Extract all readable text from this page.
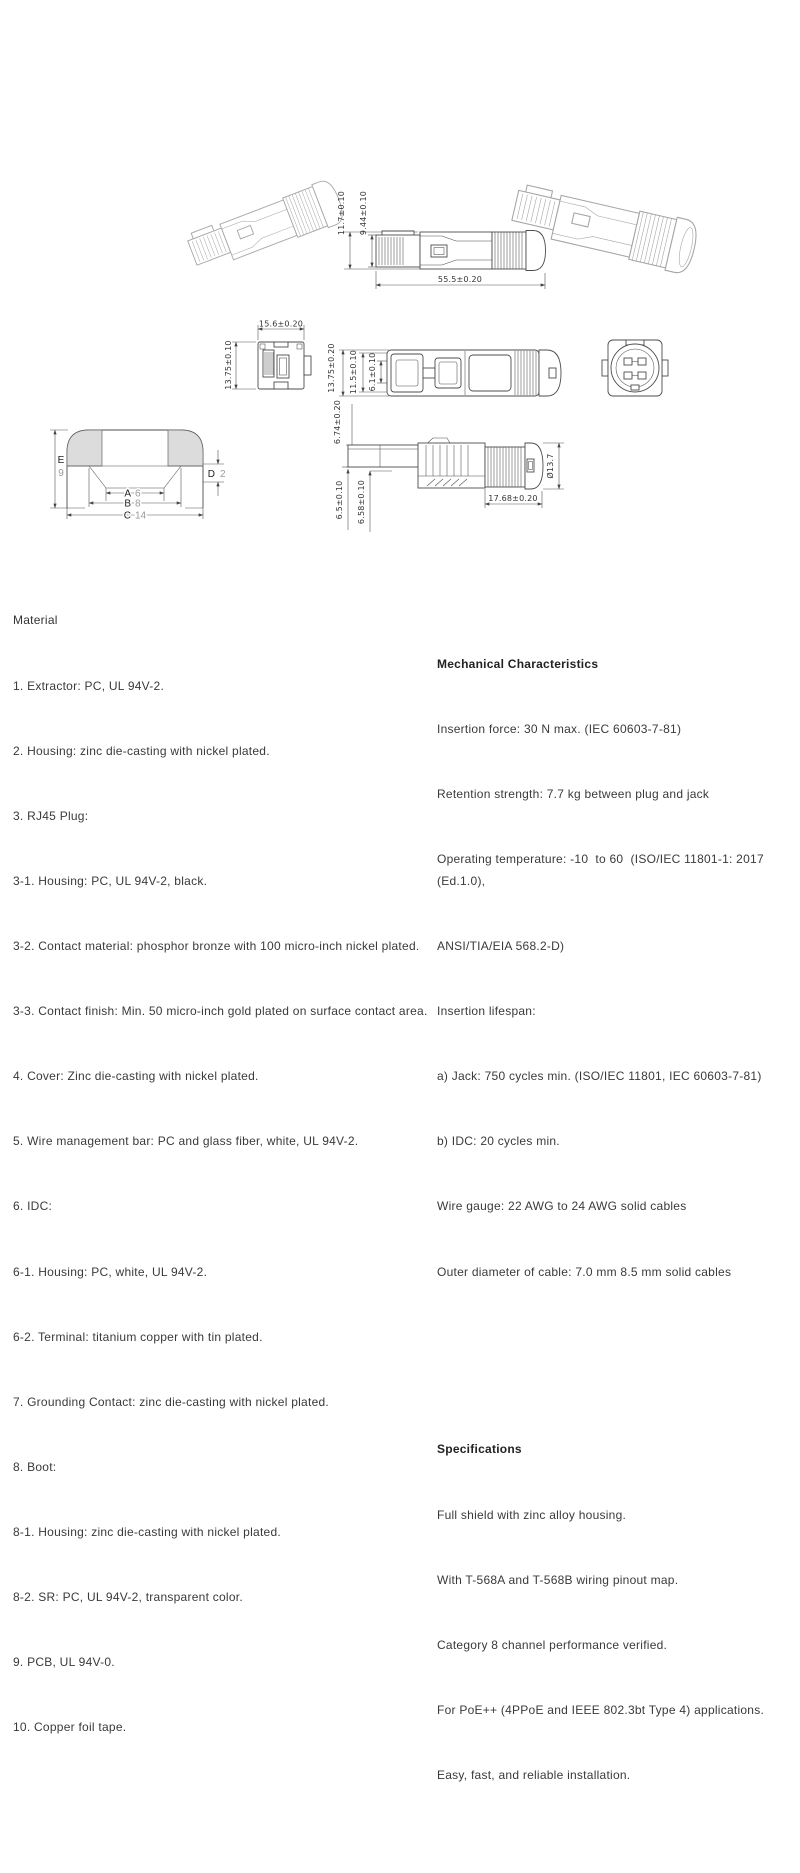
11.7±0.10 9.44±0.10
55.5±0.20
15.6±0.20
13.75±0.10	13.75±0.20 11.5±0.10 6.1±0.10
E
9	D 2
A 6
B 8
C 14
6.74±0.20
Ø13.7
17.68±0.20
6.5±0.10 6.58±0.10

Material

1. Extractor: PC, UL 94V-2.

2. Housing: zinc die-casting with nickel plated.

3. RJ45 Plug:

3-1. Housing: PC, UL 94V-2, black.

3-2. Contact material: phosphor bronze with 100 micro-inch nickel plated.

3-3. Contact finish: Min. 50 micro-inch gold plated on surface contact area.

4. Cover: Zinc die-casting with nickel plated.

5. Wire management bar: PC and glass fiber, white, UL 94V-2.

6. IDC:

6-1. Housing: PC, white, UL 94V-2.

6-2. Terminal: titanium copper with tin plated.

7. Grounding Contact: zinc die-casting with nickel plated.

8. Boot:

8-1. Housing: zinc die-casting with nickel plated.

8-2. SR: PC, UL 94V-2, transparent color.

9. PCB, UL 94V-0.

10. Copper foil tape.

Mechanical Characteristics

Insertion force: 30 N max. (IEC 60603-7-81)

Retention strength: 7.7 kg between plug and jack

Operating temperature: -10  to 60  (ISO/IEC 11801-1: 2017 (Ed.1.0),

ANSI/TIA/EIA 568.2-D)

Insertion lifespan:

a) Jack: 750 cycles min. (ISO/IEC 11801, IEC 60603-7-81)

b) IDC: 20 cycles min.

Wire gauge: 22 AWG to 24 AWG solid cables

Outer diameter of cable: 7.0 mm 8.5 mm solid cables

Specifications

Full shield with zinc alloy housing.

With T-568A and T-568B wiring pinout map.

Category 8 channel performance verified.

For PoE++ (4PPoE and IEEE 802.3bt Type 4) applications.

Easy, fast, and reliable installation.
